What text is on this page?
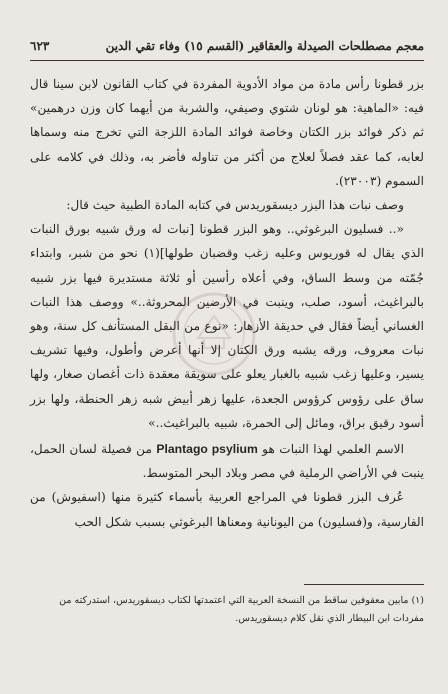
معجم مصطلحات الصيدلة والعقاقير (القسم ١٥) وفاء تقي الدين
٦٢٣

بزر قطونا رأس مادة من مواد الأدوية المفردة في كتاب القانون لابن سينا قال فيه: «الماهية: هو لونان شتوي وصيفي، والشربة من أيهما كان وزن درهمين» ثم ذكر فوائد بزر الكتان وخاصة فوائد المادة اللزجة التي تخرج منه وسماها لعابه، كما عقد فصلاً لعلاج من أكثر من تناوله فأضر به، وذلك في كلامه على السموم (٢٣٠٠٣).

وصف نبات هذا البزر ديسقوريدس في كتابه المادة الطبية حيث قال:

«.. فسليون البرغوثي.. وهو البزر قطونا [نبات له ورق شبيه بورق النبات الذي يقال له قوريوس وعليه زغب وقضبان طولها](١) نحو من شبر، وابتداء جُمّته من وسط الساق، وفي أعلاه رأسين أو ثلاثة مستديرة فيها بزر شبيه بالبراغيث، أسود، صلب، وينبت في الأرضين المحروثة..» ووصف هذا النبات الغساني أيضاً فقال في حديقة الأزهار: «نوع من البقل المستأنف كل سنة، وهو نبات معروف، ورقه يشبه ورق الكتان إلا أنها أعرض وأطول، وفيها تشريف يسير، وعليها زغب شبيه بالغبار يعلو على سويقة معقدة ذات أغصان صغار، ولها ساق على رؤوس كرؤوس الجعدة، عليها زهر أبيض شبه زهر الحنطة، ولها بزر أسود رقيق براق، ومائل إلى الحمرة، شبيه بالبراغيث..»

الاسم العلمي لهذا النبات هو Plantago psylium من فصيلة لسان الحمل، ينبت في الأراضي الرملية في مصر وبلاد البحر المتوسط.

عُرف البزر قطونا في المراجع العربية بأسماء كثيرة منها (اسفيوش) من الفارسية، و(فسليون) من اليونانية ومعناها البرغوثي بسبب شكل الحب

(١) مابين معقوفين ساقط من النسخة العربية التي اعتمدتها لكتاب ديسقوريدس، استدركته من مفردات ابن البيطار الذي نقل كلام ديسقوريدس.
